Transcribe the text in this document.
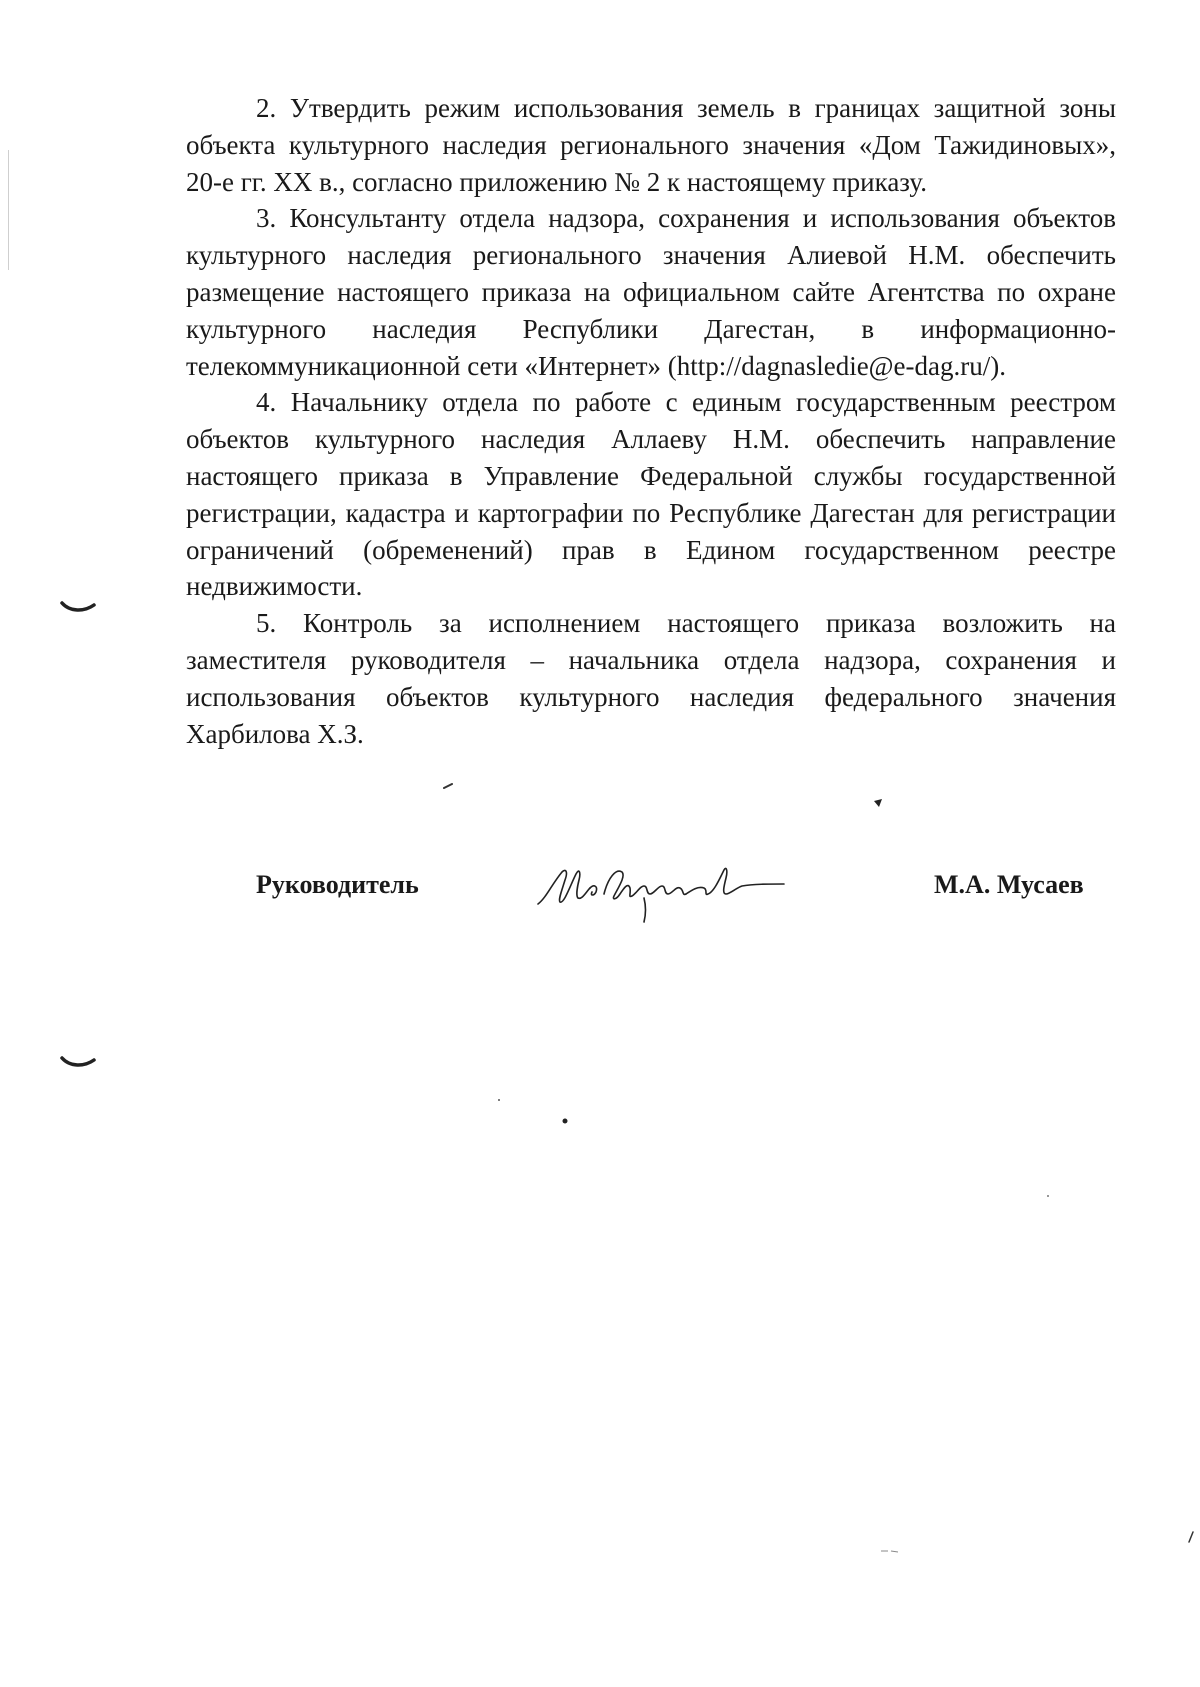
2. Утвердить режим использования земель в границах защитной зоны объекта культурного наследия регионального значения «Дом Тажидиновых», 20-е гг. ХХ в., согласно приложению № 2 к настоящему приказу.

3. Консультанту отдела надзора, сохранения и использования объектов культурного наследия регионального значения Алиевой Н.М. обеспечить размещение настоящего приказа на официальном сайте Агентства по охране культурного наследия Республики Дагестан, в информационно-телекоммуникационной сети «Интернет» (http://dagnasledie@e-dag.ru/).

4. Начальнику отдела по работе с единым государственным реестром объектов культурного наследия Аллаеву Н.М. обеспечить направление настоящего приказа в Управление Федеральной службы государственной регистрации, кадастра и картографии по Республике Дагестан для регистрации ограничений (обременений) прав в Едином государственном реестре недвижимости.

5. Контроль за исполнением настоящего приказа возложить на заместителя руководителя – начальника отдела надзора, сохранения и использования объектов культурного наследия федерального значения Харбилова Х.З.

Руководитель	М.А. Мусаев
